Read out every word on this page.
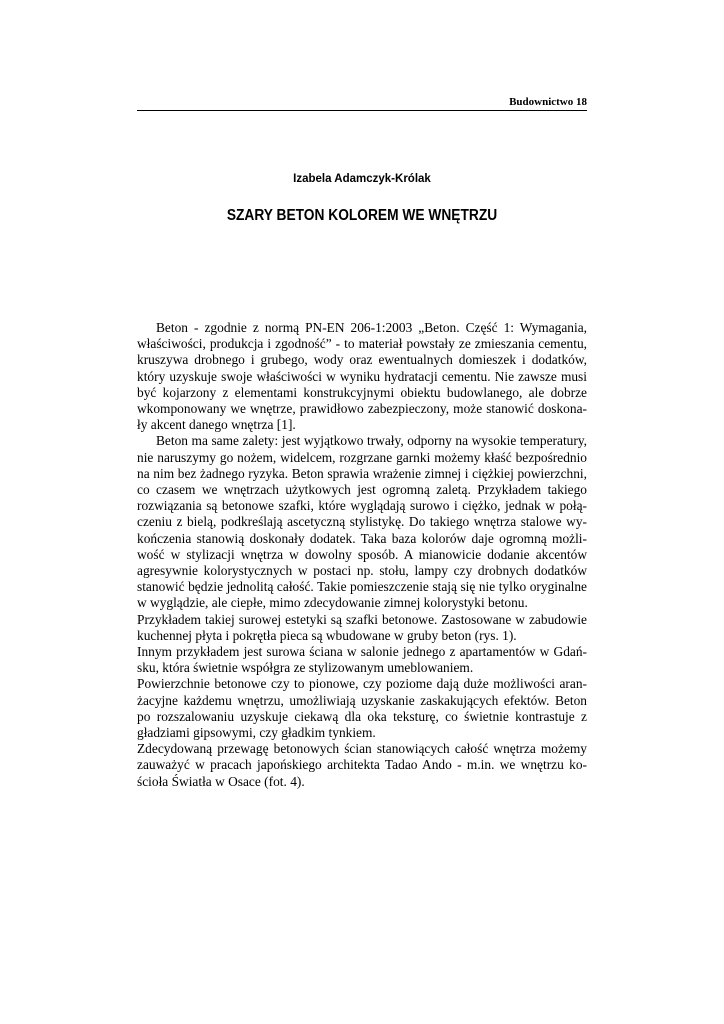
Budownictwo 18
Izabela Adamczyk-Królak
SZARY BETON KOLOREM WE WNĘTRZU

Beton - zgodnie z normą PN-EN 206-1:2003 „Beton. Część 1: Wymagania, właściwości, produkcja i zgodność” - to materiał powstały ze zmieszania cementu, kruszywa drobnego i grubego, wody oraz ewentualnych domieszek i dodatków, który uzyskuje swoje właściwości w wyniku hydratacji cementu. Nie zawsze musi być kojarzony z elementami konstrukcyjnymi obiektu budowlanego, ale dobrze wkomponowany we wnętrze, prawidłowo zabezpieczony, może stanowić doskonały akcent danego wnętrza [1].

Beton ma same zalety: jest wyjątkowo trwały, odporny na wysokie temperatury, nie naruszymy go nożem, widelcem, rozgrzane garnki możemy kłaść bezpośrednio na nim bez żadnego ryzyka. Beton sprawia wrażenie zimnej i ciężkiej powierzchni, co czasem we wnętrzach użytkowych jest ogromną zaletą. Przykładem takiego rozwiązania są betonowe szafki, które wyglądają surowo i ciężko, jednak w połączeniu z bielą, podkreślają ascetyczną stylistykę. Do takiego wnętrza stalowe wykończenia stanowią doskonały dodatek. Taka baza kolorów daje ogromną możliwość w stylizacji wnętrza w dowolny sposób. A mianowicie dodanie akcentów agresywnie kolorystycznych w postaci np. stołu, lampy czy drobnych dodatków stanowić będzie jednolitą całość. Takie pomieszczenie stają się nie tylko oryginalne w wyglądzie, ale ciepłe, mimo zdecydowanie zimnej kolorystyki betonu.

Przykładem takiej surowej estetyki są szafki betonowe. Zastosowane w zabudowie kuchennej płyta i pokrętła pieca są wbudowane w gruby beton (rys. 1).

Innym przykładem jest surowa ściana w salonie jednego z apartamentów w Gdańsku, która świetnie współgra ze stylizowanym umeblowaniem.

Powierzchnie betonowe czy to pionowe, czy poziome dają duże możliwości aranżacyjne każdemu wnętrzu, umożliwiają uzyskanie zaskakujących efektów. Beton po rozszalowaniu uzyskuje ciekawą dla oka teksturę, co świetnie kontrastuje z gładziami gipsowymi, czy gładkim tynkiem.

Zdecydowaną przewagę betonowych ścian stanowiących całość wnętrza możemy zauważyć w pracach japońskiego architekta Tadao Ando - m.in. we wnętrzu kościoła Światła w Osace (fot. 4).
